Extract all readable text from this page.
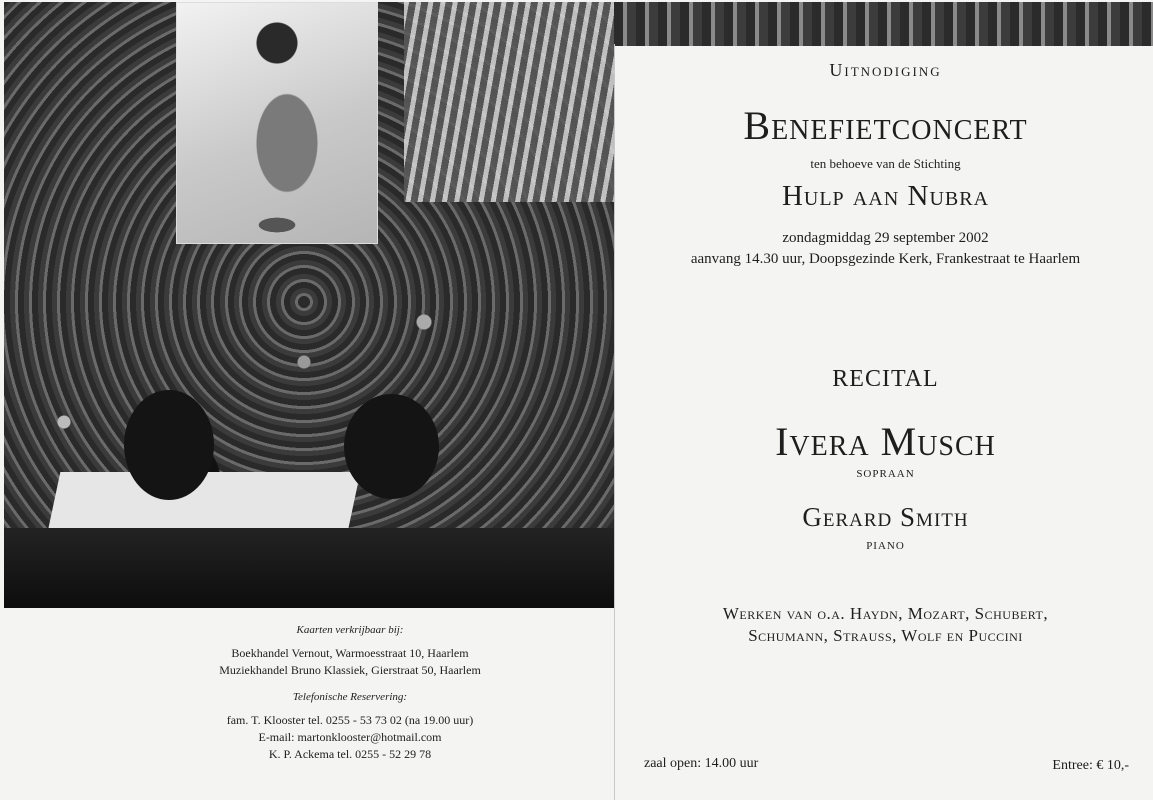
Kaarten verkrijbaar bij:
Boekhandel Vernout, Warmoesstraat 10, Haarlem
Muziekhandel Bruno Klassiek, Gierstraat 50, Haarlem
Telefonische Reservering:
fam. T. Klooster tel. 0255 - 53 73 02 (na 19.00 uur)
E-mail: martonklooster@hotmail.com
K. P. Ackema tel. 0255 - 52 29 78
Uitnodiging
Benefietconcert
ten behoeve van de Stichting
Hulp aan Nubra
zondagmiddag 29 september 2002
aanvang 14.30 uur, Doopsgezinde Kerk, Frankestraat te Haarlem
RECITAL
Ivera Musch
SOPRAAN
Gerard Smith
PIANO
Werken van o.a. Haydn, Mozart, Schubert,
Schumann, Strauss, Wolf en Puccini
zaal open: 14.00 uur	Entree: € 10,-
